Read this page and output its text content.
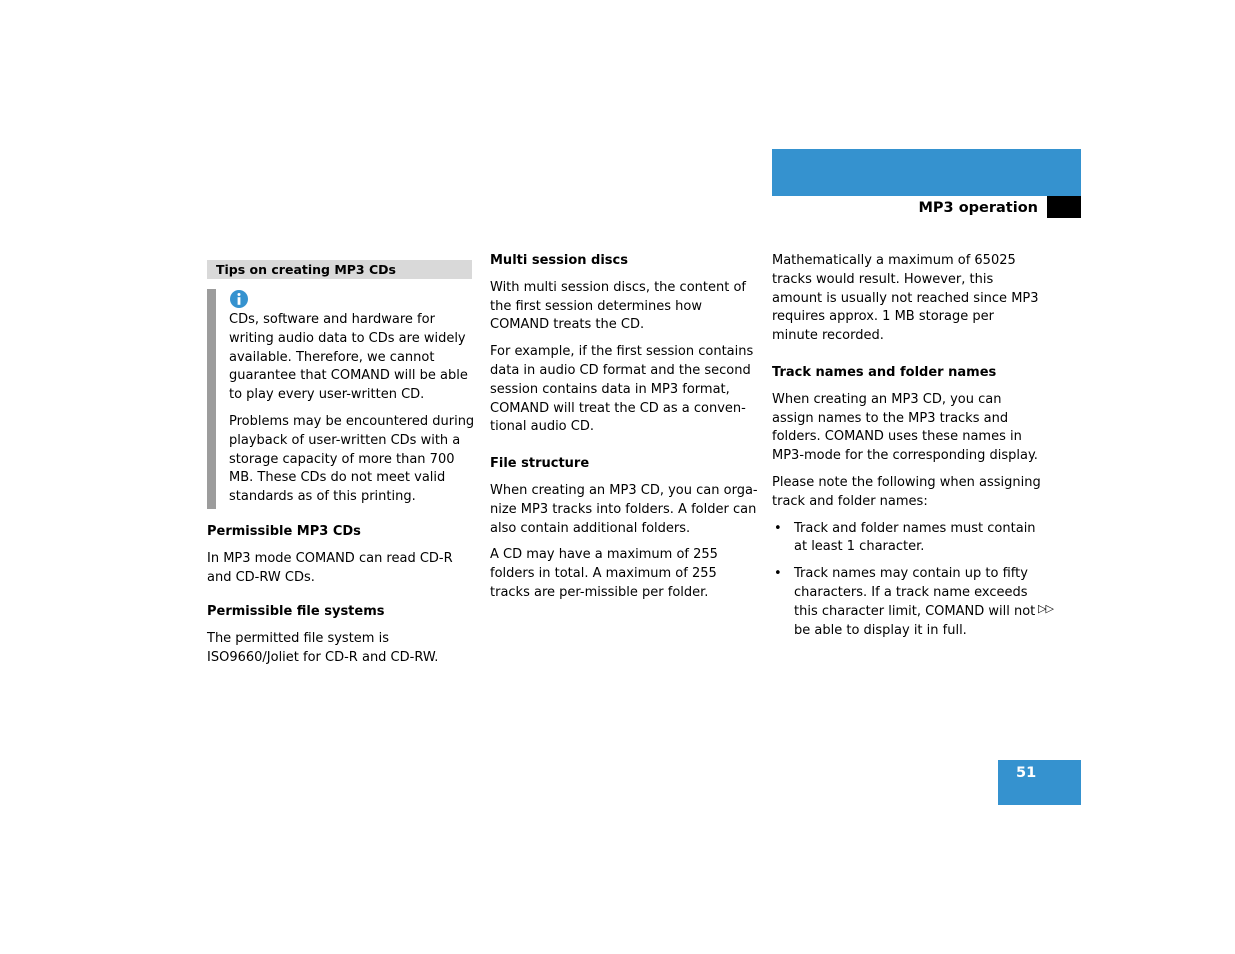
Audio
MP3 operation
Tips on creating MP3 CDs

CDs, software and hardware for writing audio data to CDs are widely available. Therefore, we cannot guarantee that COMAND will be able to play every user-written CD.

Problems may be encountered during playback of user-written CDs with a storage capacity of more than 700 MB. These CDs do not meet valid standards as of this printing.

Permissible MP3 CDs

In MP3 mode COMAND can read CD-R and CD-RW CDs.

Permissible file systems

The permitted file system is ISO9660/Joliet for CD-R and CD-RW.

Multi session discs

With multi session discs, the content of the first session determines how COMAND treats the CD.

For example, if the first session contains data in audio CD format and the second session contains data in MP3 format, COMAND will treat the CD as a conven-tional audio CD.

File structure

When creating an MP3 CD, you can orga-nize MP3 tracks into folders. A folder can also contain additional folders.

A CD may have a maximum of 255 folders in total. A maximum of 255 tracks are per-missible per folder.

Mathematically a maximum of 65025 tracks would result. However, this amount is usually not reached since MP3 requires approx. 1 MB storage per minute recorded.

Track names and folder names

When creating an MP3 CD, you can assign names to the MP3 tracks and folders. COMAND uses these names in MP3-mode for the corresponding display.

Please note the following when assigning track and folder names:

• Track and folder names must contain at least 1 character.
• Track names may contain up to fifty characters. If a track name exceeds this character limit, COMAND will not be able to display it in full.
▷▷
51
